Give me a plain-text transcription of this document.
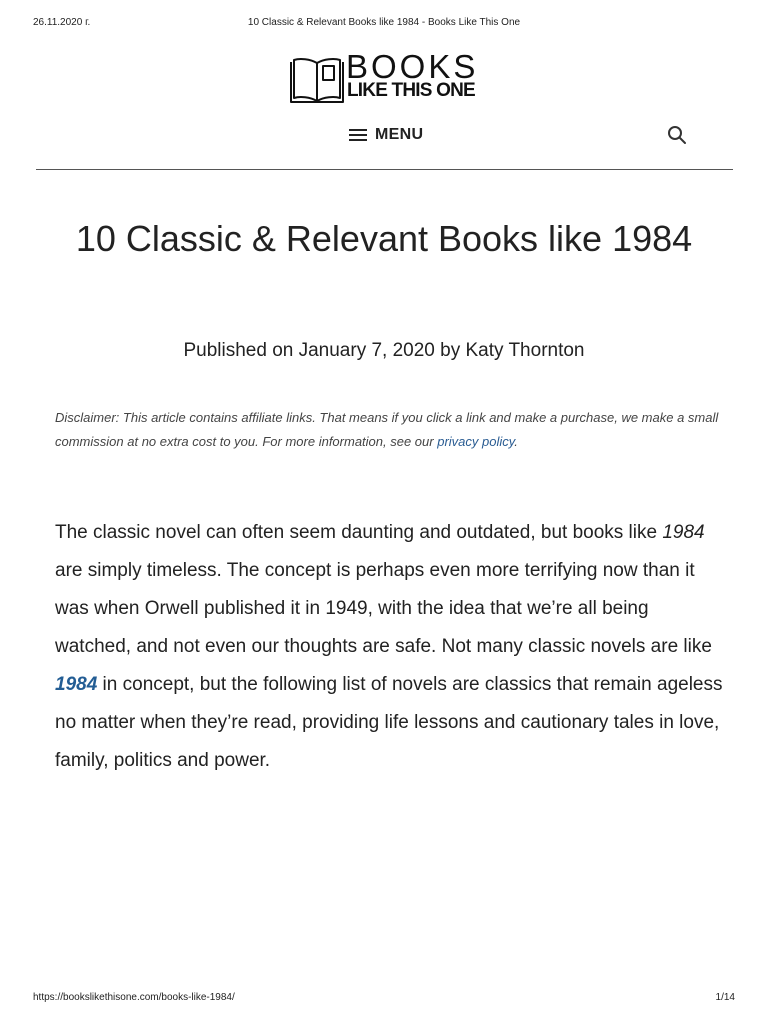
26.11.2020 г.	10 Classic & Relevant Books like 1984 - Books Like This One
BOOKS
LIKE THIS ONE
MENU
10 Classic & Relevant Books like 1984
Published on January 7, 2020 by Katy Thornton

Disclaimer: This article contains affiliate links. That means if you click a link and make a purchase, we make a small commission at no extra cost to you. For more information, see our privacy policy.

The classic novel can often seem daunting and outdated, but books like 1984 are simply timeless. The concept is perhaps even more terrifying now than it was when Orwell published it in 1949, with the idea that we’re all being watched, and not even our thoughts are safe. Not many classic novels are like 1984 in concept, but the following list of novels are classics that remain ageless no matter when they’re read, providing life lessons and cautionary tales in love, family, politics and power.

https://bookslikethisone.com/books-like-1984/	1/14
